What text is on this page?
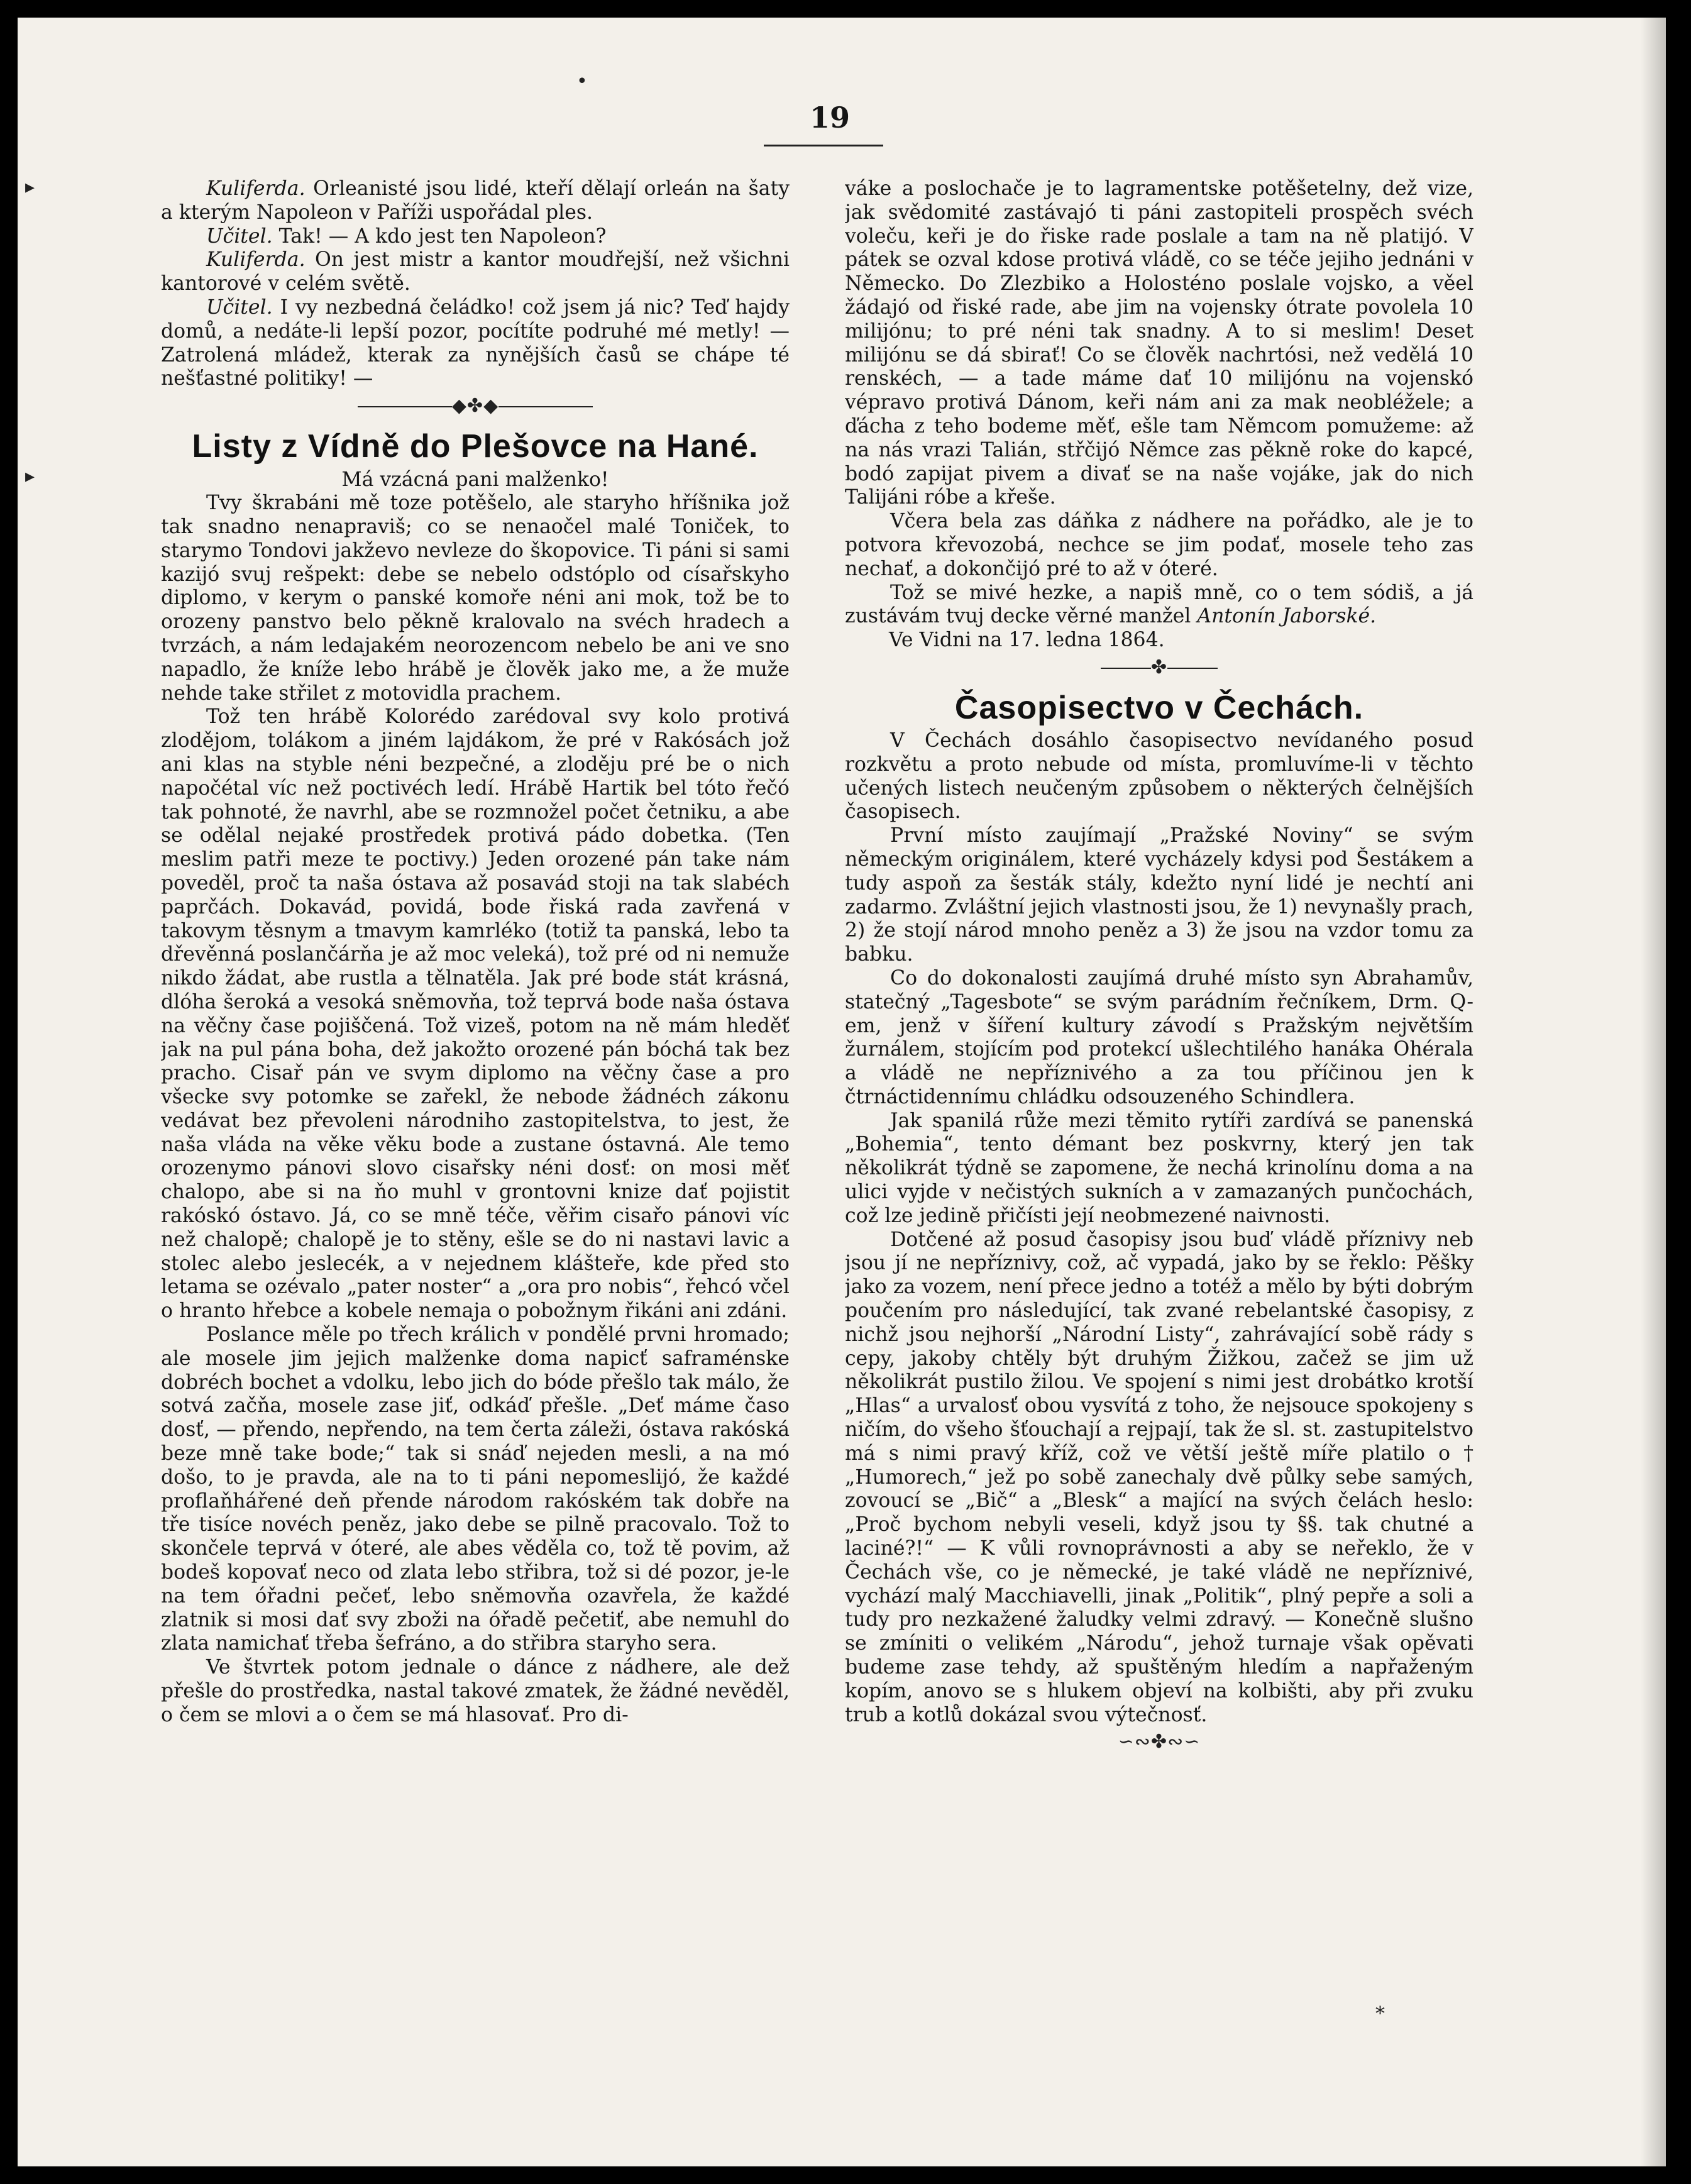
•
▸
▸
19

Kuliferda. Orleanisté jsou lidé, kteří dělají orleán na šaty a kterým Napoleon v Paříži uspořádal ples.

Učitel. Tak! — A kdo jest ten Napoleon?

Kuliferda. On jest mistr a kantor moudřejší, než všichni kantorové v celém světě.

Učitel. I vy nezbedná čeládko! což jsem já nic? Teď hajdy domů, a nedáte-li lepší pozor, pocítíte podruhé mé metly! — Zatrolená mládež, kterak za nynějších časů se chápe té nešťastné politiky! —

◆✤◆
Listy z Vídně do Plešovce na Hané.
Má vzácná pani malženko!

Tvy škrabáni mě toze potěšelo, ale staryho hříšnika jož tak snadno nenapraviš; co se nenaočel malé Toniček, to starymo Tondovi jakževo nevleze do škopovice. Ti páni si sami kazijó svuj rešpekt: debe se nebelo odstóplo od císařskyho diplomo, v kerym o panské komoře néni ani mok, tož be to orozeny panstvo belo pěkně kralovalo na svéch hradech a tvrzách, a nám ledajakém neorozencom nebelo be ani ve sno napadlo, že kníže lebo hrábě je člověk jako me, a že muže nehde take střilet z motovidla prachem.

Tož ten hrábě Kolorédo zarédoval svy kolo protivá zlodějom, tolákom a jiném lajdákom, že pré v Rakósách jož ani klas na styble néni bezpečné, a zloděju pré be o nich napočétal víc než poctivéch ledí. Hrábě Hartik bel tóto řečó tak pohnoté, že navrhl, abe se rozmnožel počet četniku, a abe se odělal nejaké prostředek protivá pádo dobetka. (Ten meslim patři meze te poctivy.) Jeden orozené pán take nám poveděl, proč ta naša óstava až posavád stoji na tak slabéch paprčách. Dokavád, povidá, bode řiská rada zavřená v takovym těsnym a tmavym kamrléko (totiž ta panská, lebo ta dřevěnná poslančárňa je až moc veleká), tož pré od ni nemuže nikdo žádat, abe rustla a tělnatěla. Jak pré bode stát krásná, dlóha šeroká a vesoká sněmovňa, tož teprvá bode naša óstava na věčny čase pojiščená. Tož vizeš, potom na ně mám hleděť jak na pul pána boha, dež jakožto orozené pán bóchá tak bez pracho. Cisař pán ve svym diplomo na věčny čase a pro všecke svy potomke se zařekl, že nebode žádnéch zákonu vedávat bez převoleni národniho zastopitelstva, to jest, že naša vláda na věke věku bode a zustane óstavná. Ale temo orozenymo pánovi slovo cisařsky néni dosť: on mosi měť chalopo, abe si na ňo muhl v grontovni knize dať pojistit rakóskó óstavo. Já, co se mně téče, věřim cisařo pánovi víc než chalopě; chalopě je to stěny, ešle se do ni nastavi lavic a stolec alebo jeslecék, a v nejednem klášteře, kde před sto letama se ozévalo „pater noster“ a „ora pro nobis“, řehcó včel o hranto hřebce a kobele nemaja o pobožnym řikáni ani zdáni.

Poslance měle po třech králich v pondělé prvni hromado; ale mosele jim jejich malženke doma napicť saframénske dobréch bochet a vdolku, lebo jich do bóde přešlo tak málo, že sotvá začňa, mosele zase jiť, odkáď přešle. „Deť máme časo dosť, — přendo, nepřendo, na tem čerta záleži, óstava rakóská beze mně take bode;“ tak si snáď nejeden mesli, a na mó došo, to je pravda, ale na to ti páni nepomeslijó, že každé proflaňhářené deň přende národom rakóském tak dobře na tře tisíce novéch peněz, jako debe se pilně pracovalo. Tož to skončele teprvá v óteré, ale abes věděla co, tož tě povim, až bodeš kopovať neco od zlata lebo střibra, tož si dé pozor, je-le na tem óřadni pečeť, lebo sněmovňa ozavřela, že každé zlatnik si mosi dať svy zboži na óřadě pečetiť, abe nemuhl do zlata namichať třeba šefráno, a do střibra staryho sera.

Ve štvrtek potom jednale o dánce z nádhere, ale dež přešle do prostředka, nastal takové zmatek, že žádné nevěděl, o čem se mlovi a o čem se má hlasovať. Pro di-

váke a poslochače je to lagramentske potěšetelny, dež vize, jak svědomité zastávajó ti páni zastopiteli prospěch svéch voleču, keři je do řiske rade poslale a tam na ně platijó. V pátek se ozval kdose protivá vládě, co se téče jejiho jednáni v Německo. Do Zlezbiko a Holosténo poslale vojsko, a věel žádajó od řiské rade, abe jim na vojensky ótrate povolela 10 milijónu; to pré néni tak snadny. A to si meslim! Deset milijónu se dá sbirať! Co se člověk nachrtósi, než vedělá 10 renskéch, — a tade máme dať 10 milijónu na vojenskó vépravo protivá Dánom, keři nám ani za mak neobléžele; a ďácha z teho bodeme měť, ešle tam Němcom pomužeme: až na nás vrazi Talián, střčijó Němce zas pěkně roke do kapcé, bodó zapijat pivem a divať se na naše vojáke, jak do nich Talijáni róbe a křeše.

Včera bela zas dáňka z nádhere na pořádko, ale je to potvora křevozobá, nechce se jim podať, mosele teho zas nechať, a dokončijó pré to až v óteré.

Tož se mivé hezke, a napiš mně, co o tem sódiš, a já zustávám tvuj decke věrné manžel Antonín Jaborské.

Ve Vidni na 17. ledna 1864.

✤
Časopisectvo v Čechách.

V Čechách dosáhlo časopisectvo nevídaného posud rozkvětu a proto nebude od místa, promluvíme-li v těchto učených listech neučeným způsobem o některých čelnějších časopisech.

První místo zaujímají „Pražské Noviny“ se svým německým originálem, které vycházely kdysi pod Šestákem a tudy aspoň za šesták stály, kdežto nyní lidé je nechtí ani zadarmo. Zvláštní jejich vlastnosti jsou, že 1) nevynašly prach, 2) že stojí národ mnoho peněz a 3) že jsou na vzdor tomu za babku.

Co do dokonalosti zaujímá druhé místo syn Abrahamův, statečný „Tagesbote“ se svým parádním řečníkem, Drm. Q-em, jenž v šíření kultury závodí s Pražským největším žurnálem, stojícím pod protekcí ušlechtilého hanáka Ohérala a vládě ne nepříznivého a za tou příčinou jen k čtrnáctidennímu chládku odsouzeného Schindlera.

Jak spanilá růže mezi těmito rytíři zardívá se panenská „Bohemia“, tento démant bez poskvrny, který jen tak několikrát týdně se zapomene, že nechá krinolínu doma a na ulici vyjde v nečistých sukních a v zamazaných punčochách, což lze jedině přičísti její neobmezené naivnosti.

Dotčené až posud časopisy jsou buď vládě příznivy neb jsou jí ne nepříznivy, což, ač vypadá, jako by se řeklo: Pěšky jako za vozem, není přece jedno a totéž a mělo by býti dobrým poučením pro následující, tak zvané rebelantské časopisy, z nichž jsou nejhorší „Národní Listy“, zahrávající sobě rády s cepy, jakoby chtěly být druhým Žižkou, začež se jim už několikrát pustilo žilou. Ve spojení s nimi jest drobátko krotší „Hlas“ a urvalosť obou vysvítá z toho, že nejsouce spokojeny s ničím, do všeho šťouchají a rejpají, tak že sl. st. zastupitelstvo má s nimi pravý kříž, což ve větší ještě míře platilo o † „Humorech,“ jež po sobě zanechaly dvě půlky sebe samých, zovoucí se „Bič“ a „Blesk“ a mající na svých čelách heslo: „Proč bychom nebyli veseli, když jsou ty §§. tak chutné a laciné?!“ — K vůli rovnoprávnosti a aby se neřeklo, že v Čechách vše, co je německé, je také vládě ne nepříznivé, vychází malý Macchiavelli, jinak „Politik“, plný pepře a soli a tudy pro nezkažené žaludky velmi zdravý. — Konečně slušno se zmíniti o velikém „Národu“, jehož turnaje však opěvati budeme zase tehdy, až spuštěným hledím a napřaženým kopím, anovo se s hlukem objeví na kolbišti, aby při zvuku trub a kotlů dokázal svou výtečnosť.

∽∾✤∾∽
*
